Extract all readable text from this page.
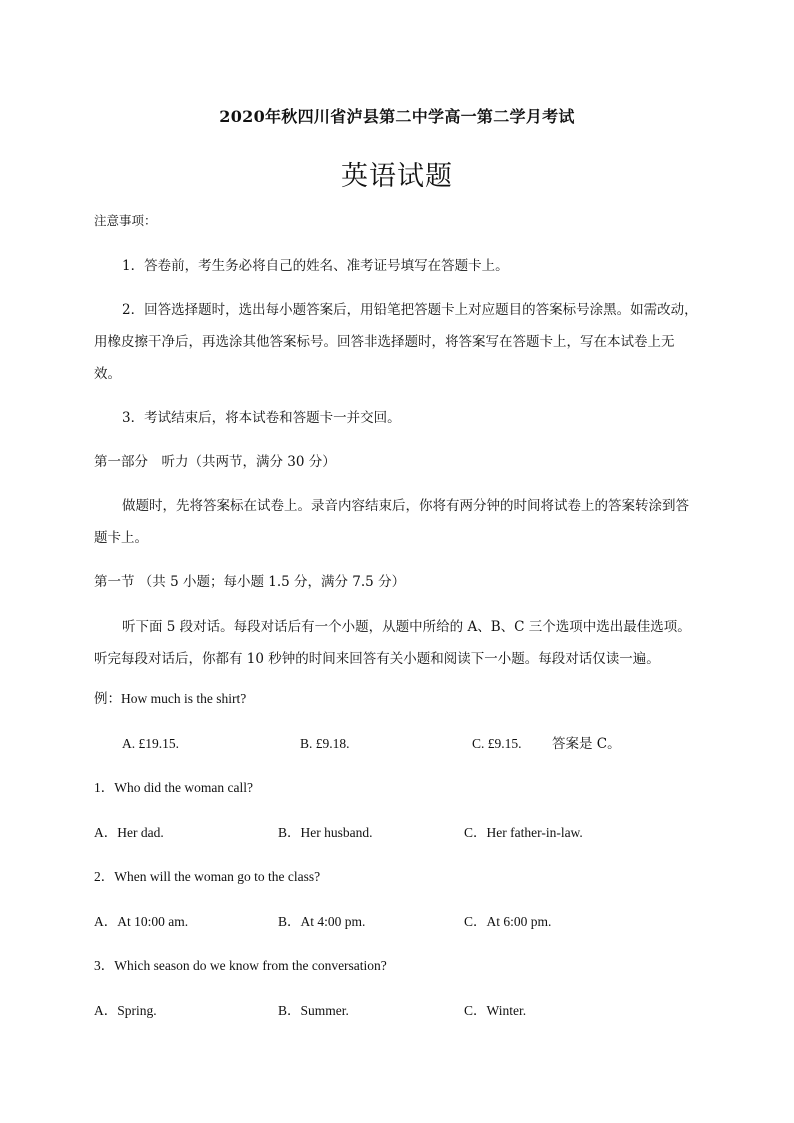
2020年秋四川省泸县第二中学高一第二学月考试
英语试题
注意事项：
1．答卷前，考生务必将自己的姓名、准考证号填写在答题卡上。
2．回答选择题时，选出每小题答案后，用铅笔把答题卡上对应题目的答案标号涂黑。如需改动，
用橡皮擦干净后，再选涂其他答案标号。回答非选择题时，将答案写在答题卡上，写在本试卷上无
效。
3．考试结束后，将本试卷和答题卡一并交回。
第一部分　听力（共两节，满分 30 分）
做题时，先将答案标在试卷上。录音内容结束后，你将有两分钟的时间将试卷上的答案转涂到答
题卡上。
第一节 （共 5 小题；每小题 1.5 分，满分 7.5 分）
听下面 5 段对话。每段对话后有一个小题，从题中所给的 A、B、C 三个选项中选出最佳选项。
听完每段对话后，你都有 10 秒钟的时间来回答有关小题和阅读下一小题。每段对话仅读一遍。
例：How much is the shirt?
A. £19.15.	B. £9.18.	C. £9.15. 答案是 C。
1．Who did the woman call?
A．Her dad.	B．Her husband.	C．Her father-in-law.
2．When will the woman go to the class?
A．At 10:00 am.	B．At 4:00 pm.	C．At 6:00 pm.
3．Which season do we know from the conversation?
A．Spring.	B．Summer.	C．Winter.
